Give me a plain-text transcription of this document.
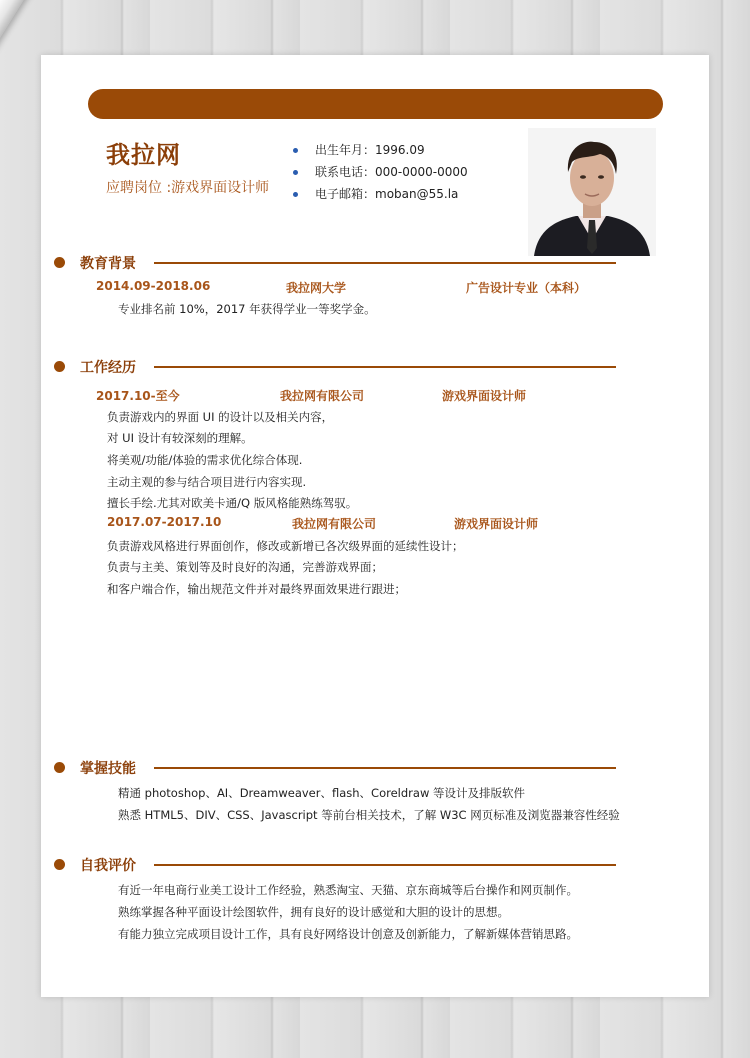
我拉网
应聘岗位 :游戏界面设计师
出生年月：1996.09
联系电话：000-0000-0000
电子邮箱：moban@55.la
教育背景
2014.09-2018.06	我拉网大学	广告设计专业（本科）
专业排名前 10%，2017 年获得学业一等奖学金。
工作经历
2017.10-至今	我拉网有限公司	游戏界面设计师
负责游戏内的界面 UI 的设计以及相关内容，
对 UI 设计有较深刻的理解。
将美观/功能/体验的需求优化综合体现.
主动主观的参与结合项目进行内容实现.
擅长手绘.尤其对欧美卡通/Q 版风格能熟练驾驭。
2017.07-2017.10	我拉网有限公司	游戏界面设计师
负责游戏风格进行界面创作，修改或新增已各次级界面的延续性设计；
负责与主美、策划等及时良好的沟通，完善游戏界面；
和客户端合作，输出规范文件并对最终界面效果进行跟进；
掌握技能
精通 photoshop、AI、Dreamweaver、flash、Coreldraw 等设计及排版软件
熟悉 HTML5、DIV、CSS、Javascript 等前台相关技术，了解 W3C 网页标准及浏览器兼容性经验
自我评价
有近一年电商行业美工设计工作经验，熟悉淘宝、天猫、京东商城等后台操作和网页制作。
熟练掌握各种平面设计绘图软件，拥有良好的设计感觉和大胆的设计的思想。
有能力独立完成项目设计工作，具有良好网络设计创意及创新能力，了解新媒体营销思路。
